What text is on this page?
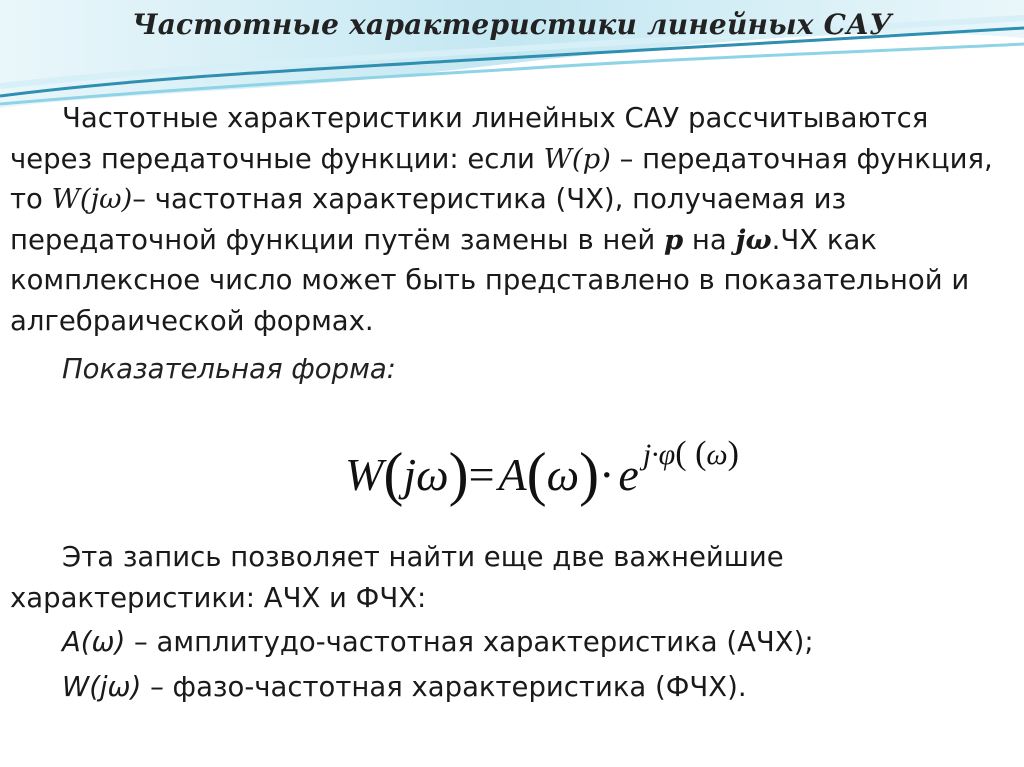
Частотные характеристики линейных САУ

Частотные характеристики линейных САУ рассчитываются через передаточные функции: если W(p) – передаточная функция, то W(jω)– частотная характеристика (ЧХ), получаемая из передаточной функции путём замены в ней p на jω.ЧХ как комплексное число может быть представлено в показательной и алгебраической формах.

Показательная форма:
W(jω)= A(ω)· e j·φ( (ω)

Эта запись позволяет найти еще две важнейшие характеристики: АЧХ и ФЧХ:

A(ω) – амплитудо-частотная характеристика (АЧХ);
W(jω) – фазо-частотная характеристика (ФЧХ).
